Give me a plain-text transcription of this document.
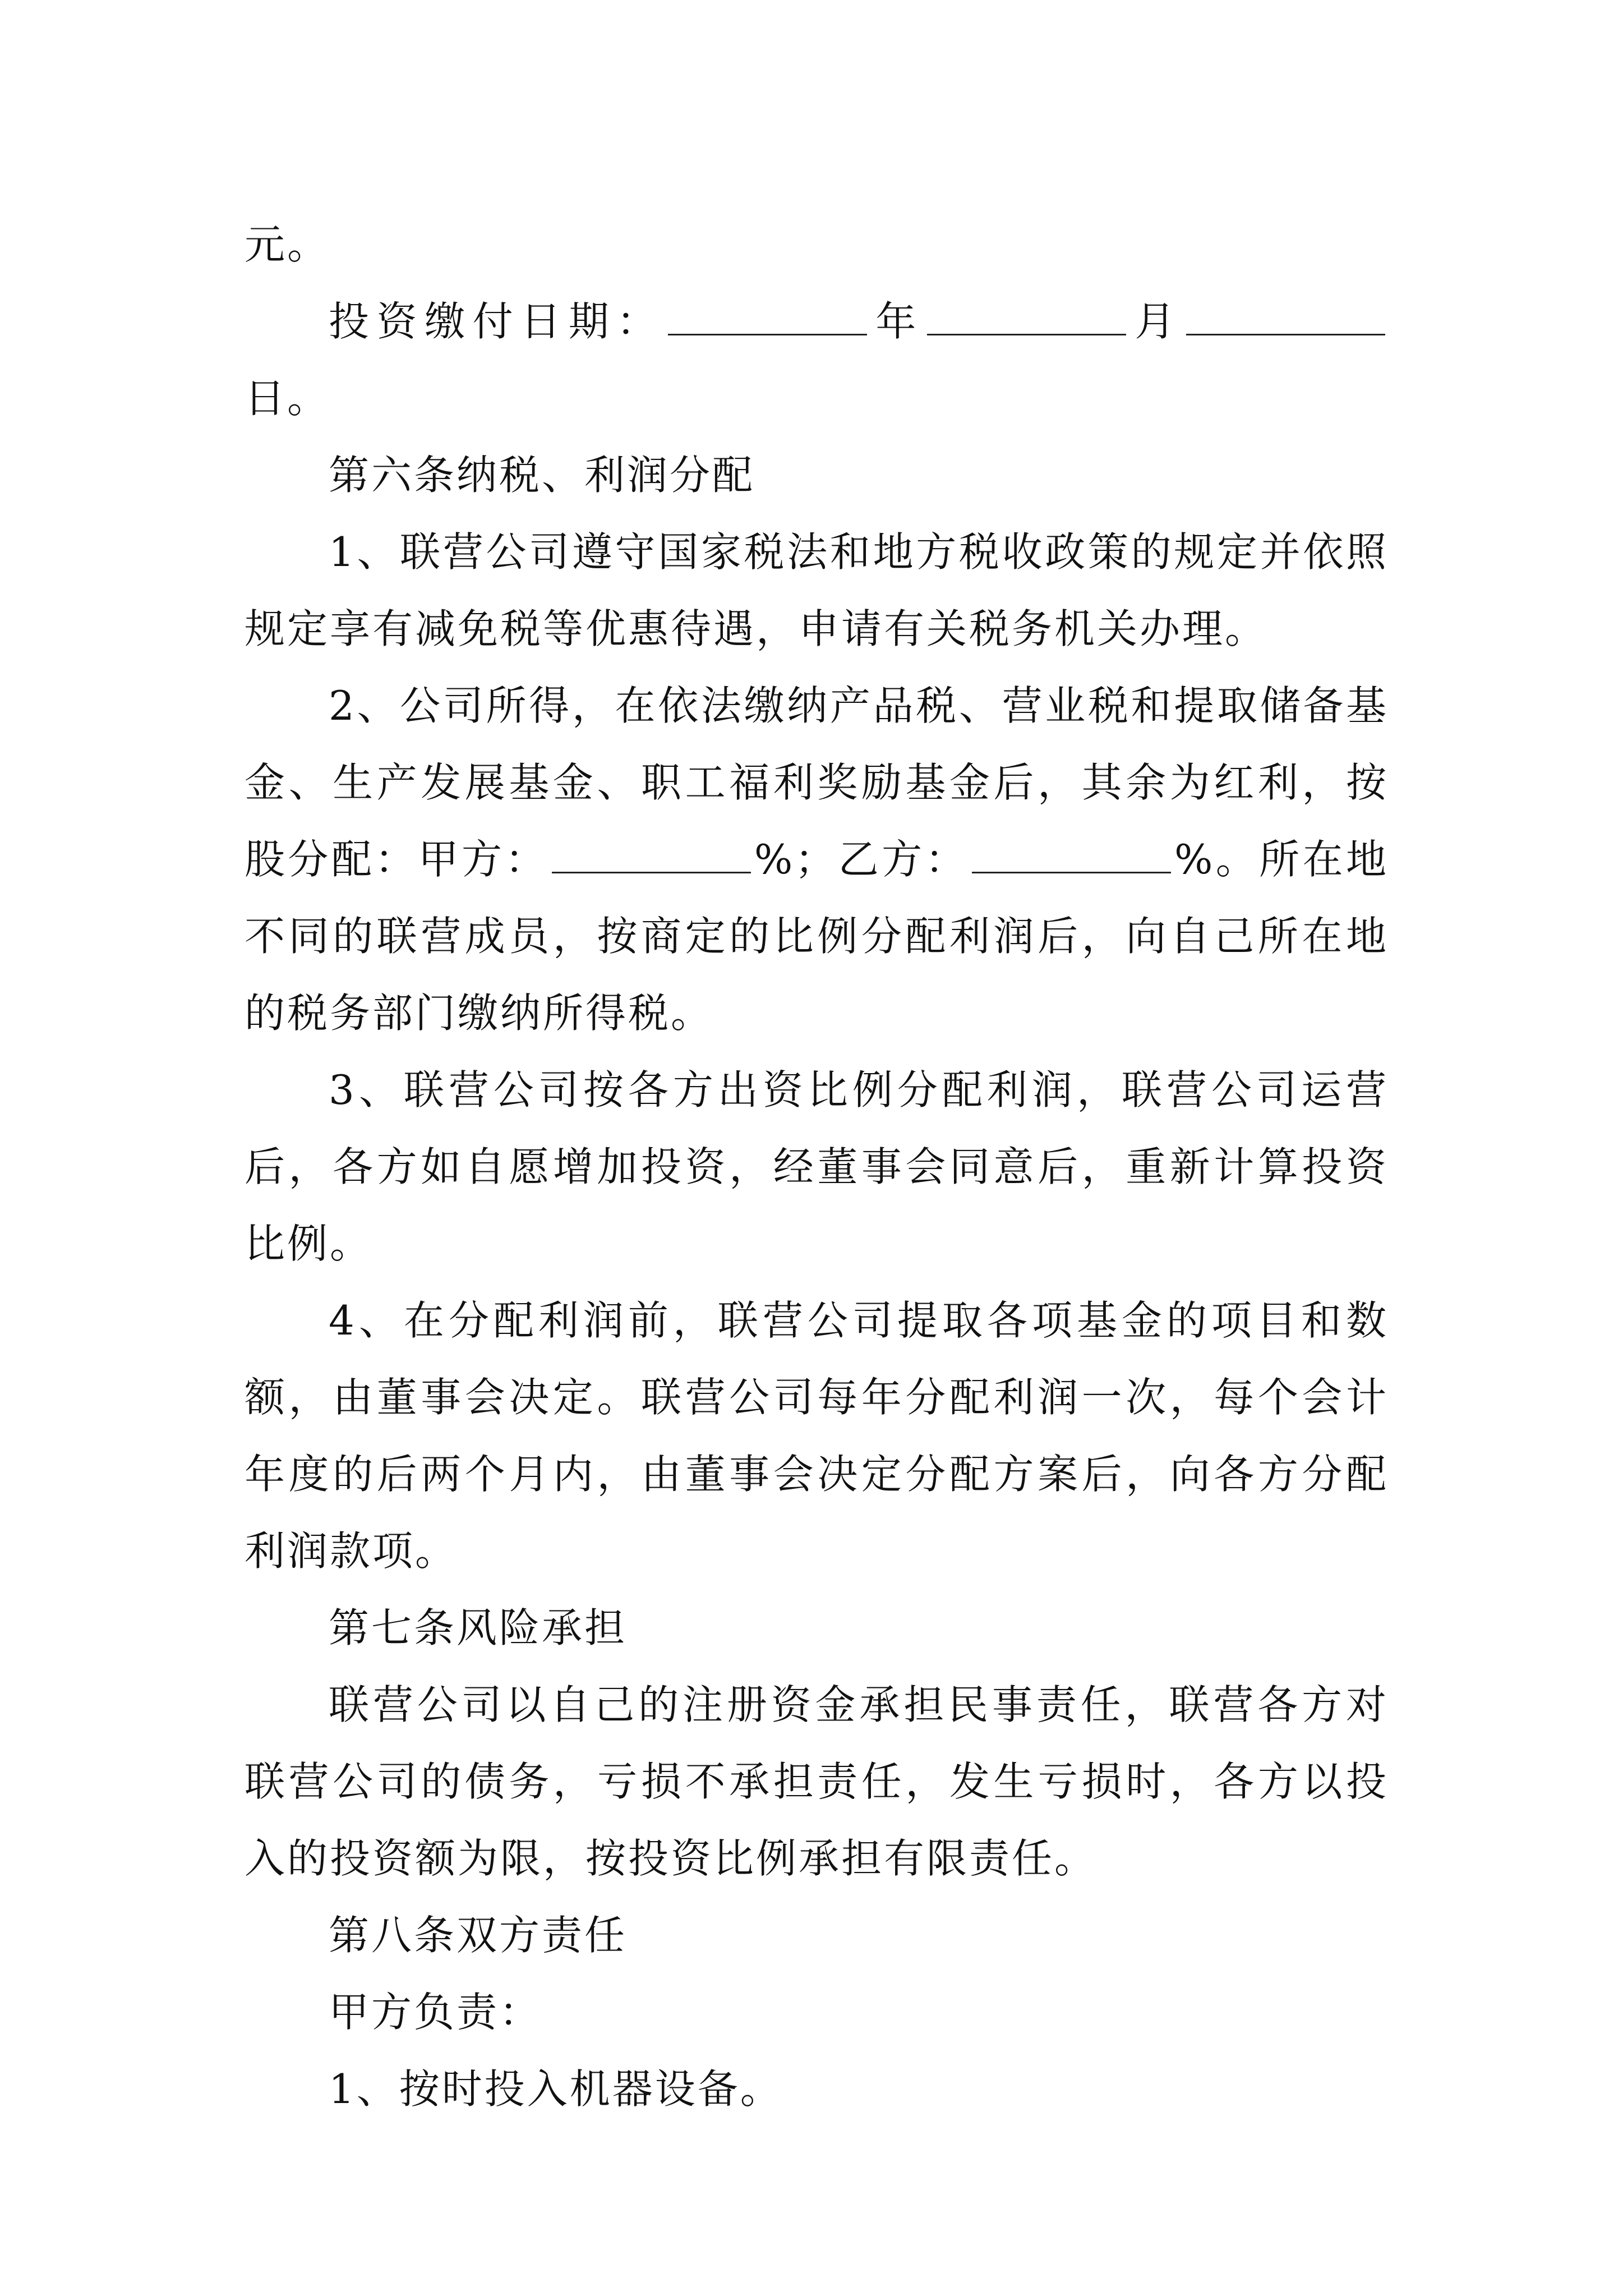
元。

投资缴付日期：	年	月日。

第六条纳税、利润分配

1、联营公司遵守国家税法和地方税收政策的规定并依照规定享有减免税等优惠待遇，申请有关税务机关办理。

2、公司所得，在依法缴纳产品税、营业税和提取储备基金、生产发展基金、职工福利奖励基金后，其余为红利，按股分配：甲方：	%；乙方：	%。所在地不同的联营成员，按商定的比例分配利润后，向自己所在地的税务部门缴纳所得税。

3、联营公司按各方出资比例分配利润，联营公司运营后，各方如自愿增加投资，经董事会同意后，重新计算投资比例。

4、在分配利润前，联营公司提取各项基金的项目和数额，由董事会决定。联营公司每年分配利润一次，每个会计年度的后两个月内，由董事会决定分配方案后，向各方分配利润款项。

第七条风险承担

联营公司以自己的注册资金承担民事责任，联营各方对联营公司的债务，亏损不承担责任，发生亏损时，各方以投入的投资额为限，按投资比例承担有限责任。

第八条双方责任

甲方负责：

1、按时投入机器设备。
